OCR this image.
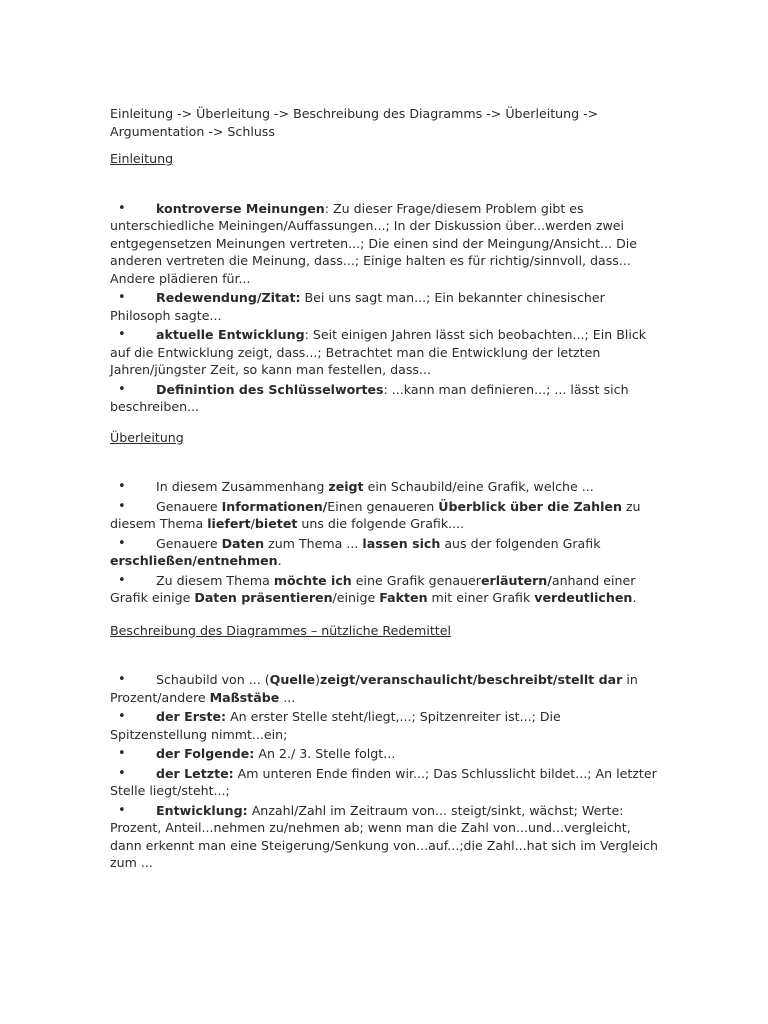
Einleitung -> Überleitung -> Beschreibung des Diagramms -> Überleitung -> Argumentation -> Schluss

Einleitung

• kontroverse Meinungen: Zu dieser Frage/diesem Problem gibt es unterschiedliche Meiningen/Auffassungen...; In der Diskussion über...werden zwei entgegensetzen Meinungen vertreten...; Die einen sind der Meingung/Ansicht... Die anderen vertreten die Meinung, dass...; Einige halten es für richtig/sinnvoll, dass... Andere plädieren für...
• Redewendung/Zitat: Bei uns sagt man...; Ein bekannter chinesischer Philosoph sagte...
• aktuelle Entwicklung: Seit einigen Jahren lässt sich beobachten...; Ein Blick auf die Entwicklung zeigt, dass...; Betrachtet man die Entwicklung der letzten Jahren/jüngster Zeit, so kann man festellen, dass...
• Definintion des Schlüsselwortes: ...kann man definieren...; ... lässt sich beschreiben...

Überleitung

• In diesem Zusammenhang zeigt ein Schaubild/eine Grafik, welche ...
• Genauere Informationen/Einen genaueren Überblick über die Zahlen zu diesem Thema liefert/bietet uns die folgende Grafik....
• Genauere Daten zum Thema ... lassen sich aus der folgenden Grafik erschließen/entnehmen.
• Zu diesem Thema möchte ich eine Grafik genauererläutern/anhand einer Grafik einige Daten präsentieren/einige Fakten mit einer Grafik verdeutlichen.

Beschreibung des Diagrammes – nützliche Redemittel

• Schaubild von ... (Quelle)zeigt/veranschaulicht/beschreibt/stellt dar in Prozent/andere Maßstäbe ...
• der Erste: An erster Stelle steht/liegt,...; Spitzenreiter ist...; Die Spitzenstellung nimmt...ein;
• der Folgende: An 2./ 3. Stelle folgt...
• der Letzte: Am unteren Ende finden wir...; Das Schlusslicht bildet...; An letzter Stelle liegt/steht...;
• Entwicklung: Anzahl/Zahl im Zeitraum von... steigt/sinkt, wächst; Werte: Prozent, Anteil...nehmen zu/nehmen ab; wenn man die Zahl von...und...vergleicht, dann erkennt man eine Steigerung/Senkung von...auf...;die Zahl...hat sich im Vergleich zum ...
